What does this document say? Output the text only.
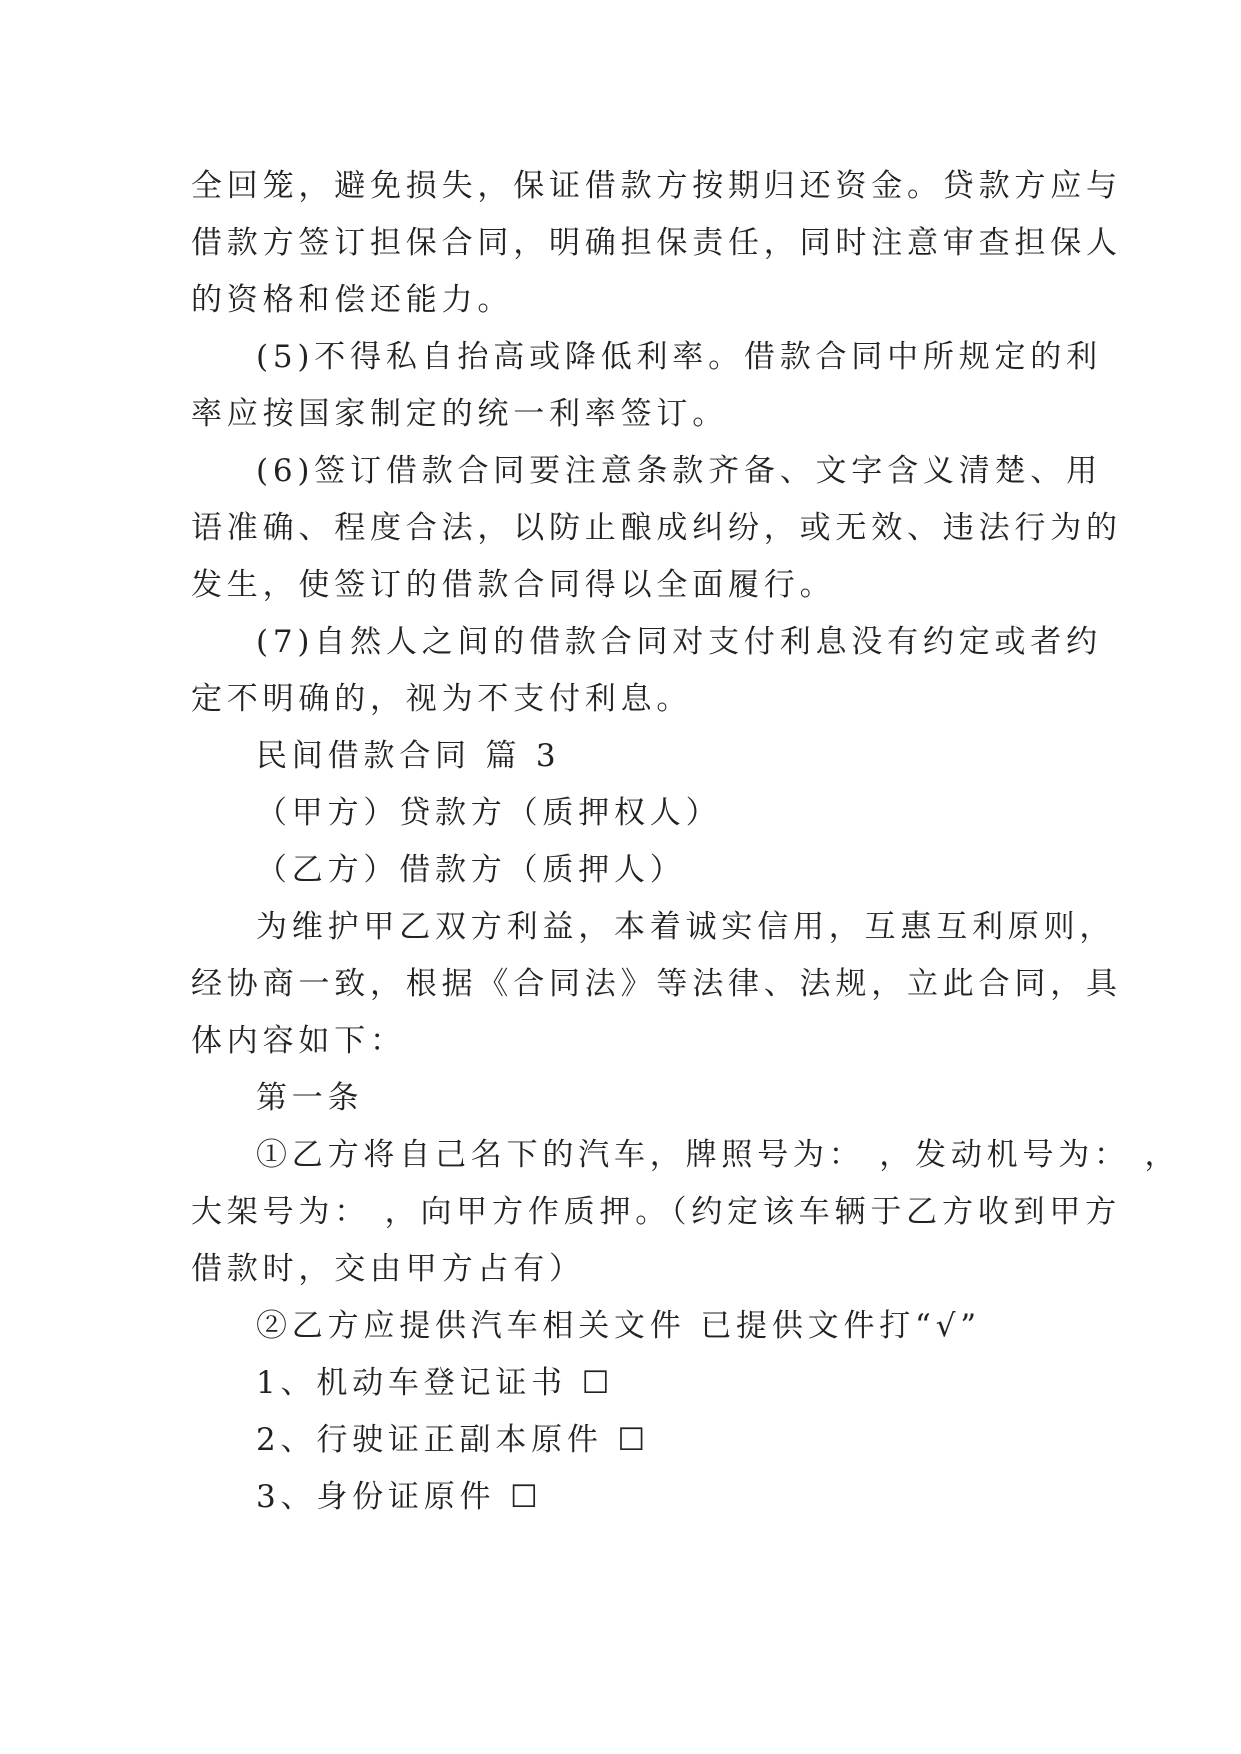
全回笼，避免损失，保证借款方按期归还资金。贷款方应与
借款方签订担保合同，明确担保责任，同时注意审查担保人
的资格和偿还能力。
(5)不得私自抬高或降低利率。借款合同中所规定的利
率应按国家制定的统一利率签订。
(6)签订借款合同要注意条款齐备、文字含义清楚、用
语准确、程度合法，以防止酿成纠纷，或无效、违法行为的
发生，使签订的借款合同得以全面履行。
(7)自然人之间的借款合同对支付利息没有约定或者约
定不明确的，视为不支付利息。
民间借款合同 篇 3
（甲方）贷款方（质押权人）
（乙方）借款方（质押人）
为维护甲乙双方利益，本着诚实信用，互惠互利原则，
经协商一致，根据《合同法》等法律、法规，立此合同，具
体内容如下：
第一条
①乙方将自己名下的汽车，牌照号为： ，发动机号为： ，
大架号为： ，向甲方作质押。（约定该车辆于乙方收到甲方
借款时，交由甲方占有）
②乙方应提供汽车相关文件 已提供文件打“√”
1、机动车登记证书 ☐
2、行驶证正副本原件 ☐
3、身份证原件 ☐
